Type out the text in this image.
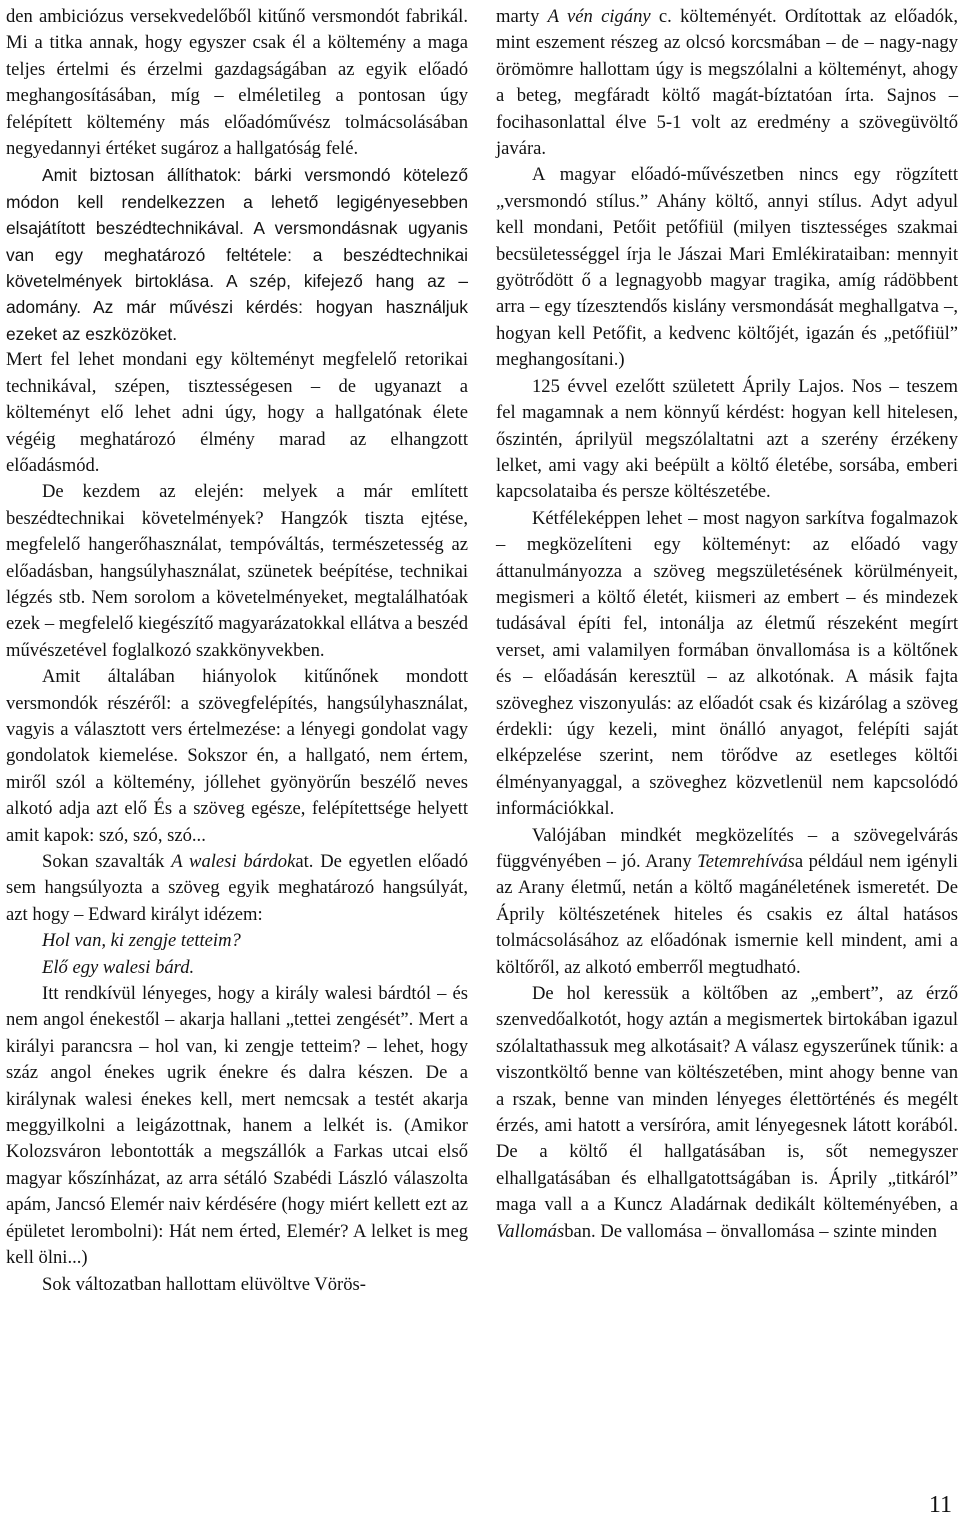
den ambiciózus versekvedelőből kitűnő versmondót fabrikál. Mi a titka annak, hogy egyszer csak él a költemény a maga teljes értelmi és érzelmi gazdagságában az egyik előadó meghangosításában, míg – elméletileg a pontosan úgy felépített költemény más előadóművész tolmácsolásában negyedannyi értéket sugároz a hallgatóság felé.

Amit biztosan állíthatok: bárki versmondó kötelező módon kell rendelkezzen a lehető legigényesebben elsajátított beszédtechnikával. A versmondásnak ugyanis van egy meghatározó feltétele: a beszédtechnikai követelmények birtoklása. A szép, kifejező hang az – adomány. Az már művészi kérdés: hogyan használjuk ezeket az eszközöket.

Mert fel lehet mondani egy költeményt megfelelő retorikai technikával, szépen, tisztességesen – de ugyanazt a költeményt elő lehet adni úgy, hogy a hallgatónak élete végéig meghatározó élmény marad az elhangzott előadásmód.

De kezdem az elején: melyek a már említett beszédtechnikai követelmények? Hangzók tiszta ejtése, megfelelő hangerőhasználat, tempóváltás, természetesség az előadásban, hangsúlyhasználat, szünetek beépítése, technikai légzés stb. Nem sorolom a követelményeket, megtalálhatóak ezek – megfelelő kiegészítő magyarázatokkal ellátva a beszéd művészetével foglalkozó szakkönyvekben.

Amit általában hiányolok kitűnőnek mondott versmondók részéről: a szövegfelépítés, hangsúlyhasználat, vagyis a választott vers értelmezése: a lényegi gondolat vagy gondolatok kiemelése. Sokszor én, a hallgató, nem értem, miről szól a költemény, jóllehet gyönyörűn beszélő neves alkotó adja azt elő És a szöveg egésze, felépítettsége helyett amit kapok: szó, szó, szó...

Sokan szavalták A walesi bárdokat. De egyetlen előadó sem hangsúlyozta a szöveg egyik meghatározó hangsúlyát, azt hogy – Edward királyt idézem:

Hol van, ki zengje tetteim?

Elő egy walesi bárd.

Itt rendkívül lényeges, hogy a király walesi bárdtól – és nem angol énekestől – akarja hallani „tettei zengését”. Mert a királyi parancsra – hol van, ki zengje tetteim? – lehet, hogy száz angol énekes ugrik énekre és dalra készen. De a királynak walesi énekes kell, mert nemcsak a testét akarja meggyilkolni a leigázottnak, hanem a lelkét is. (Amikor Kolozsváron lebontották a megszállók a Farkas utcai első magyar kőszínházat, az arra sétáló Szabédi László válaszolta apám, Jancsó Elemér naiv kérdésére (hogy miért kellett ezt az épületet lerombolni): Hát nem érted, Elemér? A lelket is meg kell ölni...)

Sok változatban hallottam elüvöltve Vörös-

marty A vén cigány c. költeményét. Ordítottak az előadók, mint eszement részeg az olcsó korcsmában – de – nagy-nagy örömömre hallottam úgy is megszólalni a költeményt, ahogy a beteg, megfáradt költő magát-bíztatóan írta. Sajnos – focihasonlattal élve 5-1 volt az eredmény a szövegüvöltő javára.

A magyar előadó-művészetben nincs egy rögzített „versmondó stílus.” Ahány költő, annyi stílus. Adyt adyul kell mondani, Petőit petőfiül (milyen tisztességes szakmai becsületességgel írja le Jászai Mari Emlékirataiban: mennyit gyötrődött ő a legnagyobb magyar tragika, amíg rádöbbent arra – egy tízesztendős kislány versmondását meghallgatva –, hogyan kell Petőfit, a kedvenc költőjét, igazán és „petőfiül” meghangosítani.)

125 évvel ezelőtt született Áprily Lajos. Nos – teszem fel magamnak a nem könnyű kérdést: hogyan kell hitelesen, őszintén, áprilyül megszólaltatni azt a szerény érzékeny lelket, ami vagy aki beépült a költő életébe, sorsába, emberi kapcsolataiba és persze költészetébe.

Kétféleképpen lehet – most nagyon sarkítva fogalmazok – megközelíteni egy költeményt: az előadó vagy áttanulmányozza a szöveg megszületésének körülményeit, megismeri a költő életét, kiismeri az embert – és mindezek tudásával építi fel, intonálja az életmű részeként megírt verset, ami valamilyen formában önvallomása is a költőnek és – előadásán keresztül – az alkotónak. A másik fajta szöveghez viszonyulás: az előadót csak és kizárólag a szöveg érdekli: úgy kezeli, mint önálló anyagot, felépíti saját elképzelése szerint, nem törődve az esetleges költői élményanyaggal, a szöveghez közvetlenül nem kapcsolódó információkkal.

Valójában mindkét megközelítés – a szövegelvárás függvényében – jó. Arany Tetemrehívása például nem igényli az Arany életmű, netán a költő magánéletének ismeretét. De Áprily költészetének hiteles és csakis ez által hatásos tolmácsolásához az előadónak ismernie kell mindent, ami a költőről, az alkotó emberről megtudható.

De hol keressük a költőben az „embert”, az érző szenvedőalkotót, hogy aztán a megismertek birtokában igazul szólaltathassuk meg alkotásait? A válasz egyszerűnek tűnik: a viszontköltő benne van költészetében, mint ahogy benne van a rszak, benne van minden lényeges élettörténés és megélt érzés, ami hatott a versíróra, amit lényegesnek látott korából. De a költő él hallgatásában is, sőt nemegyszer elhallgatásában és elhallgatottságában is. Áprily „titkáról” maga vall a a Kuncz Aladárnak dedikált költeményében, a Vallomásban. De vallomása – önvallomása – szinte minden

11
